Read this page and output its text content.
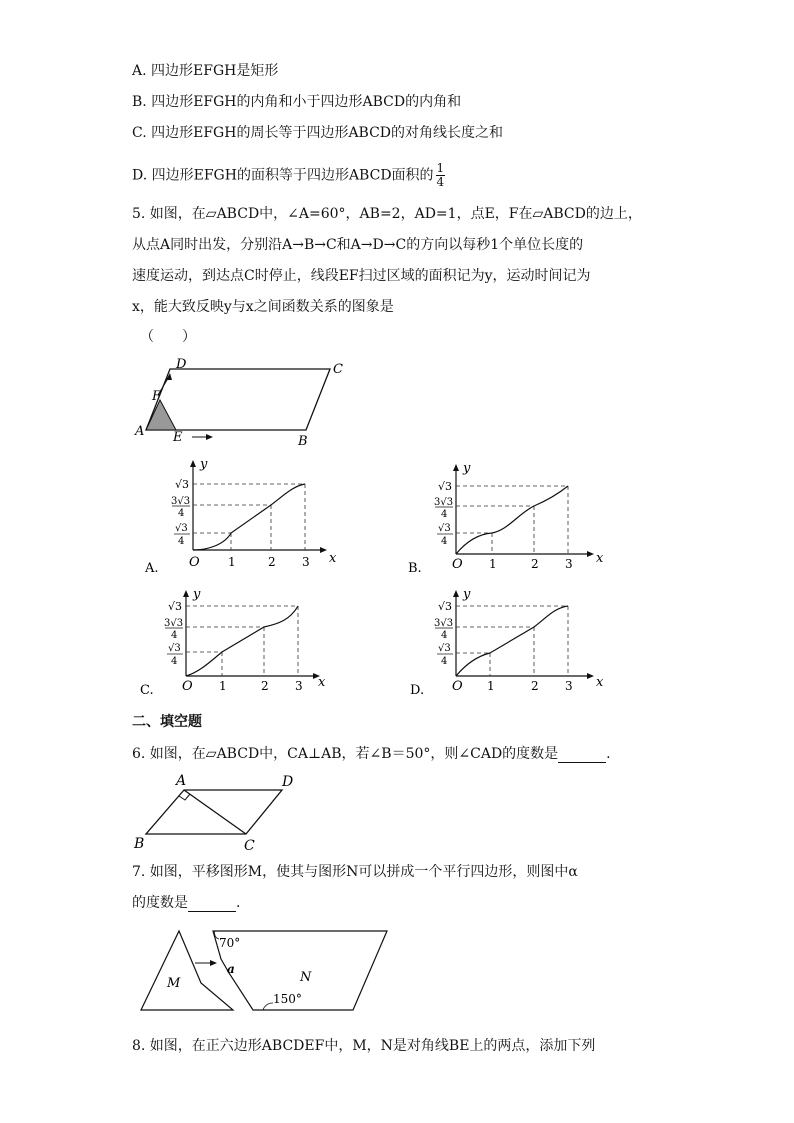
A. 四边形EFGH是矩形
B. 四边形EFGH的内角和小于四边形ABCD的内角和
C. 四边形EFGH的周长等于四边形ABCD的对角线长度之和
D. 四边形EFGH的面积等于四边形ABCD面积的 $\frac{1}{4}$
5. 如图，在▱ABCD中，∠A=60°，AB=2，AD=1，点E，F在▱ABCD的边上，
从点A同时出发，分别沿A→B→C和A→D→C的方向以每秒1个单位长度的
速度运动，到达点C时停止，线段EF扫过区域的面积记为y，运动时间记为
x，能大致反映y与x之间函数关系的图象是
（　　）
A
B
C
D
E
F
A. O 1	2 3 x
y
√3
3√3
4
√3
4
B. O 1	2 3 x
y
√3
3√3
4
√3
4
C. O 1	2 3 x
y
√3
3√3
4
√3
4
D. O 1	2 3 x
y
√3
3√3
4
√3
4
二、填空题
6. 如图，在▱ABCD中，CA⊥AB，若∠B＝50°，则∠CAD的度数是	.
A
B	C
D
7. 如图，平移图形M，使其与图形N可以拼成一个平行四边形，则图中α
的度数是	.
M	N
a
70°
150°
8. 如图，在正六边形ABCDEF中，M，N是对角线BE上的两点，添加下列
